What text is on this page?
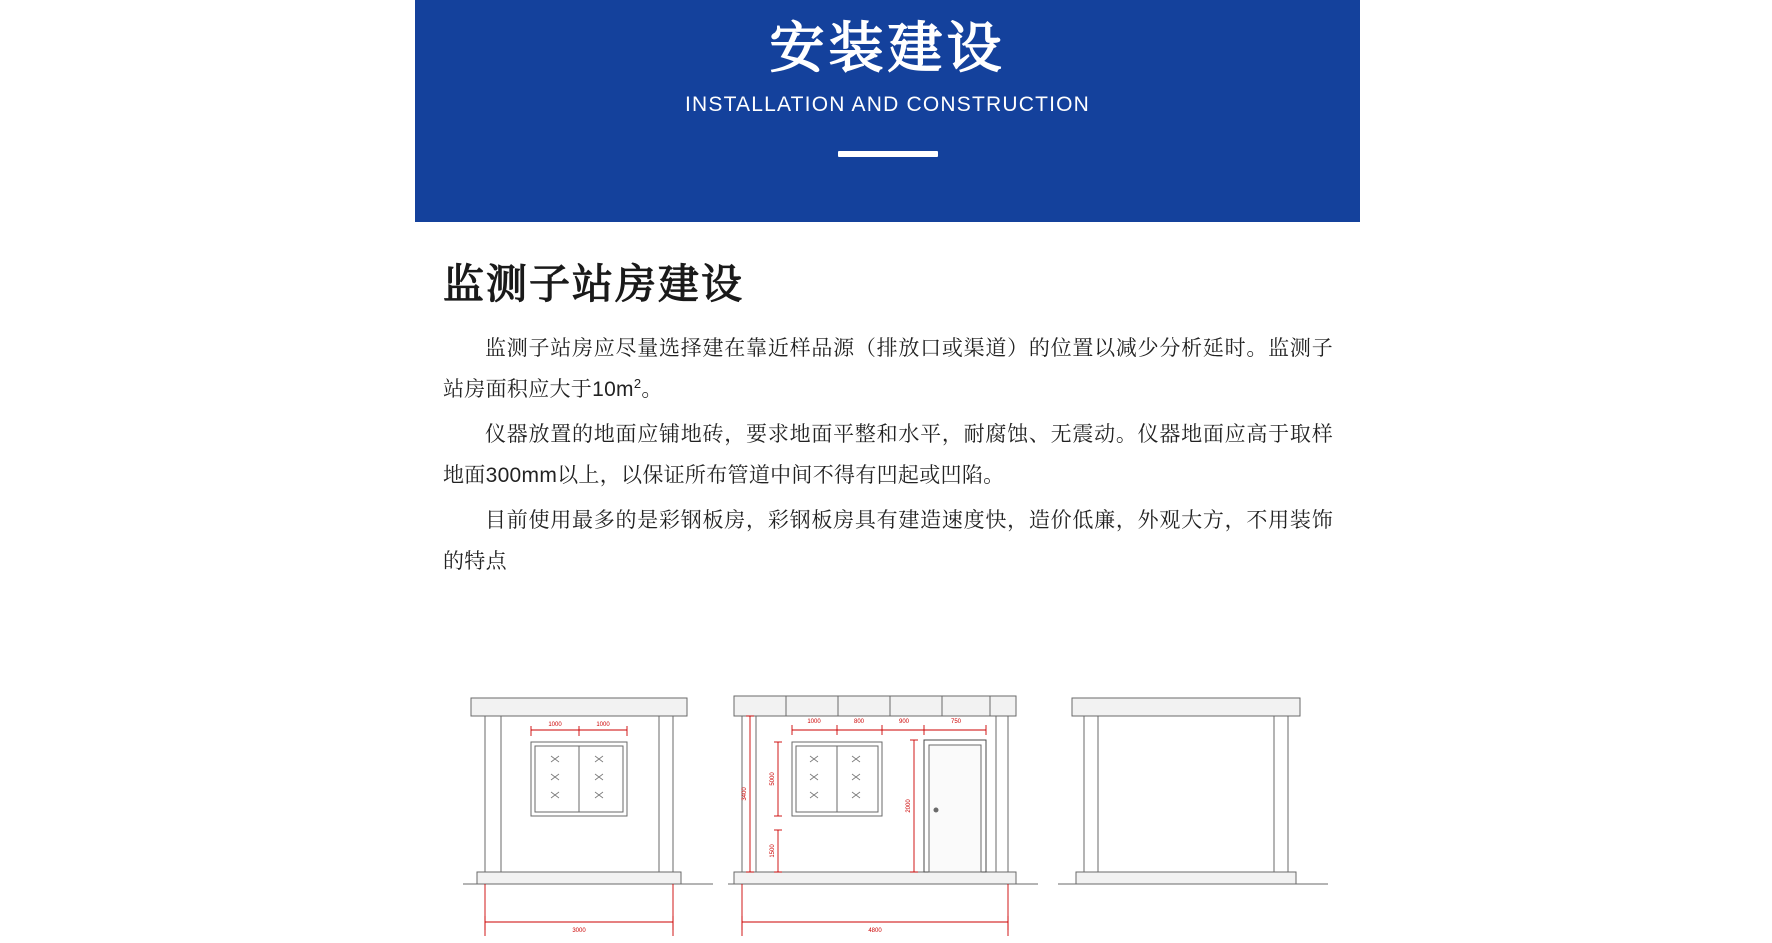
安装建设
INSTALLATION AND CONSTRUCTION
监测子站房建设

监测子站房应尽量选择建在靠近样品源（排放口或渠道）的位置以减少分析延时。监测子站房面积应大于$10m^2$。

仪器放置的地面应铺地砖，要求地面平整和水平，耐腐蚀、无震动。仪器地面应高于取样地面300mm以上，以保证所布管道中间不得有凹起或凹陷。

目前使用最多的是彩钢板房，彩钢板房具有建造速度快，造价低廉，外观大方，不用装饰的特点

1000	1000
3000
1000	800	900	750
4800
5000
1500
2000
3400
